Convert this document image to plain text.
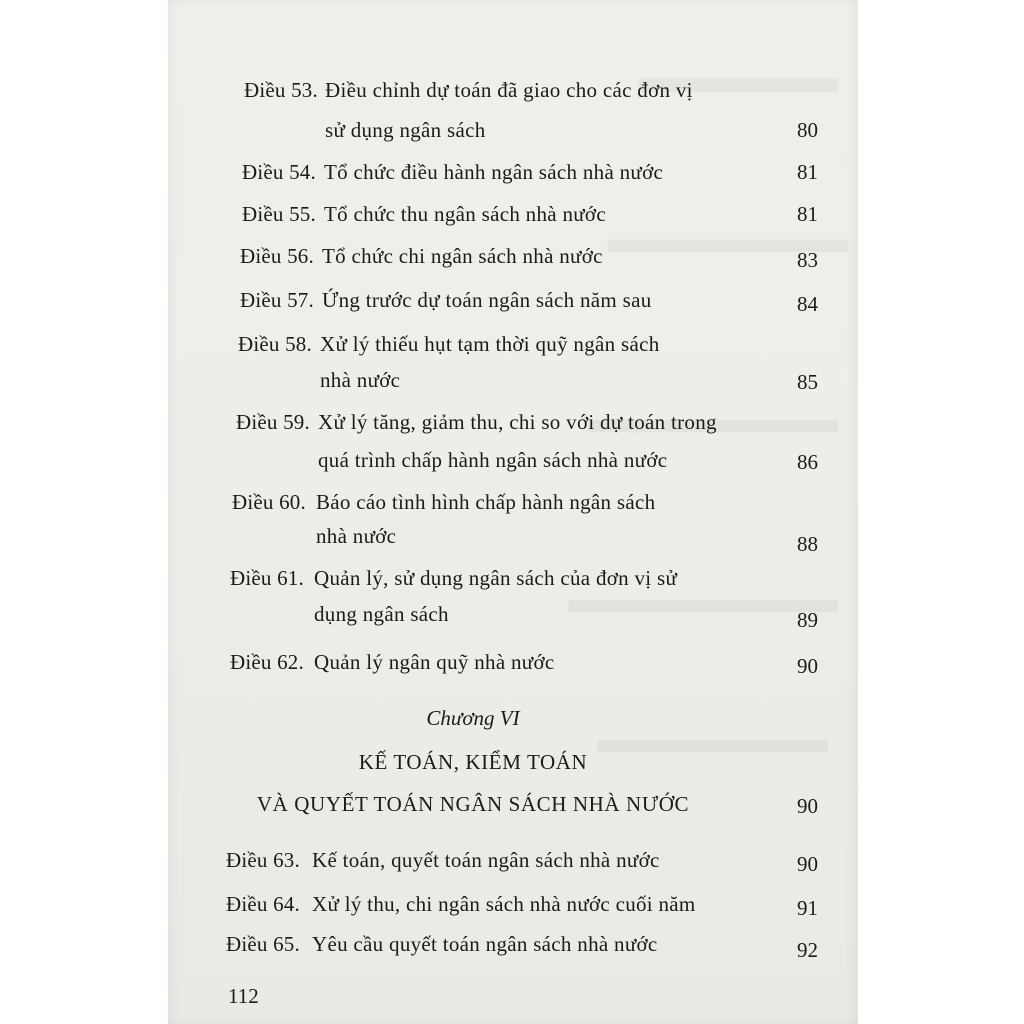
Điều 53. Điều chỉnh dự toán đã giao cho các đơn vị
sử dụng ngân sách	80
Điều 54. Tổ chức điều hành ngân sách nhà nước	81
Điều 55. Tổ chức thu ngân sách nhà nước	81
Điều 56. Tổ chức chi ngân sách nhà nước	83
Điều 57. Ứng trước dự toán ngân sách năm sau	84
Điều 58. Xử lý thiếu hụt tạm thời quỹ ngân sách
nhà nước	85
Điều 59. Xử lý tăng, giảm thu, chi so với dự toán trong
quá trình chấp hành ngân sách nhà nước	86
Điều 60. Báo cáo tình hình chấp hành ngân sách
nhà nước	88
Điều 61. Quản lý, sử dụng ngân sách của đơn vị sử
dụng ngân sách	89
Điều 62. Quản lý ngân quỹ nhà nước	90
Chương VI
KẾ TOÁN, KIỂM TOÁN
VÀ QUYẾT TOÁN NGÂN SÁCH NHÀ NƯỚC	90
Điều 63. Kế toán, quyết toán ngân sách nhà nước	90
Điều 64. Xử lý thu, chi ngân sách nhà nước cuối năm	91
Điều 65. Yêu cầu quyết toán ngân sách nhà nước	92
112
